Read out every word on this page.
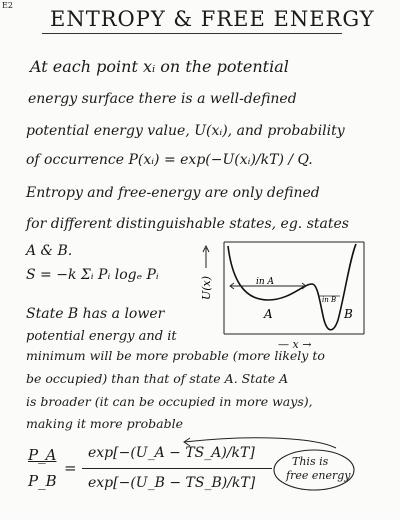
E2
ENTROPY & FREE ENERGY
At each point xᵢ on the potential
energy surface there is a well-defined
potential energy value, U(xᵢ), and probability
of occurrence P(xᵢ) = exp(−U(xᵢ)/kT) / Q.
Entropy and free-energy are only defined
for different distinguishable states, eg. states
A & B.
S = −k Σᵢ Pᵢ logₑ Pᵢ
State B has a lower
potential energy and it
minimum will be more probable (more likely to
be occupied) than that of state A. State A
is broader (it can be occupied in more ways),
making it more probable
U(x)	in A
in B
A	B
— x →
P_A
P_B
=
exp[−(U_A − TS_A)/kT]
exp[−(U_B − TS_B)/kT]
This is
free energy
